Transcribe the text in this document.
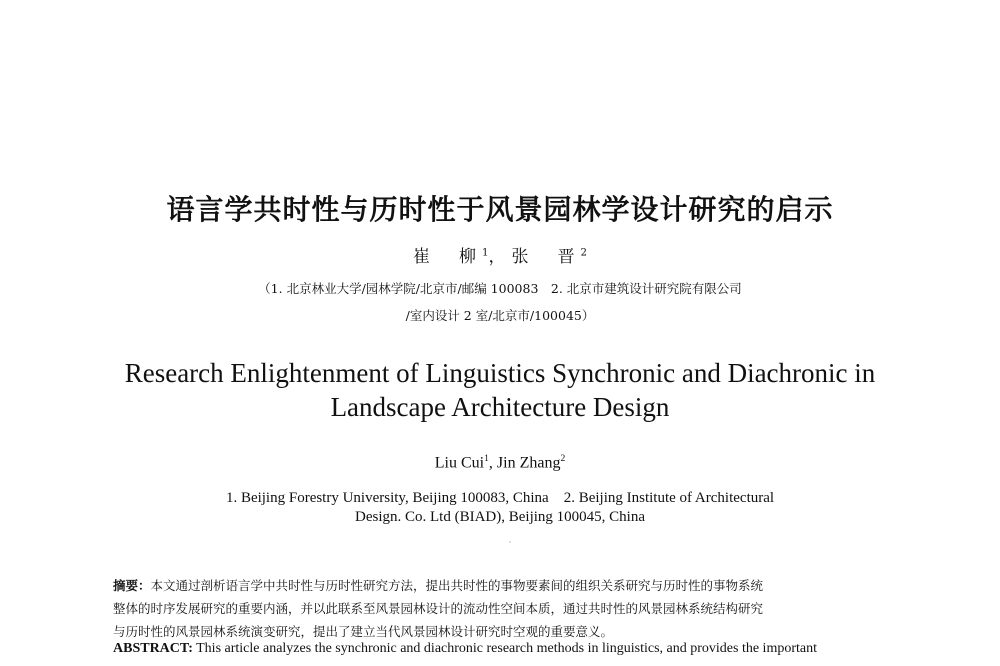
语言学共时性与历时性于风景园林学设计研究的启示
崔　柳$^1$，张　晋$^2$
（1. 北京林业大学/园林学院/北京市/邮编 100083　2. 北京市建筑设计研究院有限公司
/室内设计 2 室/北京市/100045）
Research Enlightenment of Linguistics Synchronic and Diachronic in
Landscape Architecture Design
Liu Cui$^1$, Jin Zhang$^2$
1. Beijing Forestry University, Beijing 100083, China　2. Beijing Institute of Architectural
Design. Co. Ltd (BIAD), Beijing 100045, China
摘要：本文通过剖析语言学中共时性与历时性研究方法，提出共时性的事物要素间的组织关系研究与历时性的事物系统
整体的时序发展研究的重要内涵，并以此联系至风景园林设计的流动性空间本质，通过共时性的风景园林系统结构研究
与历时性的风景园林系统演变研究，提出了建立当代风景园林设计研究时空观的重要意义。
ABSTRACT: This article analyzes the synchronic and diachronic research methods in linguistics, and provides the important
